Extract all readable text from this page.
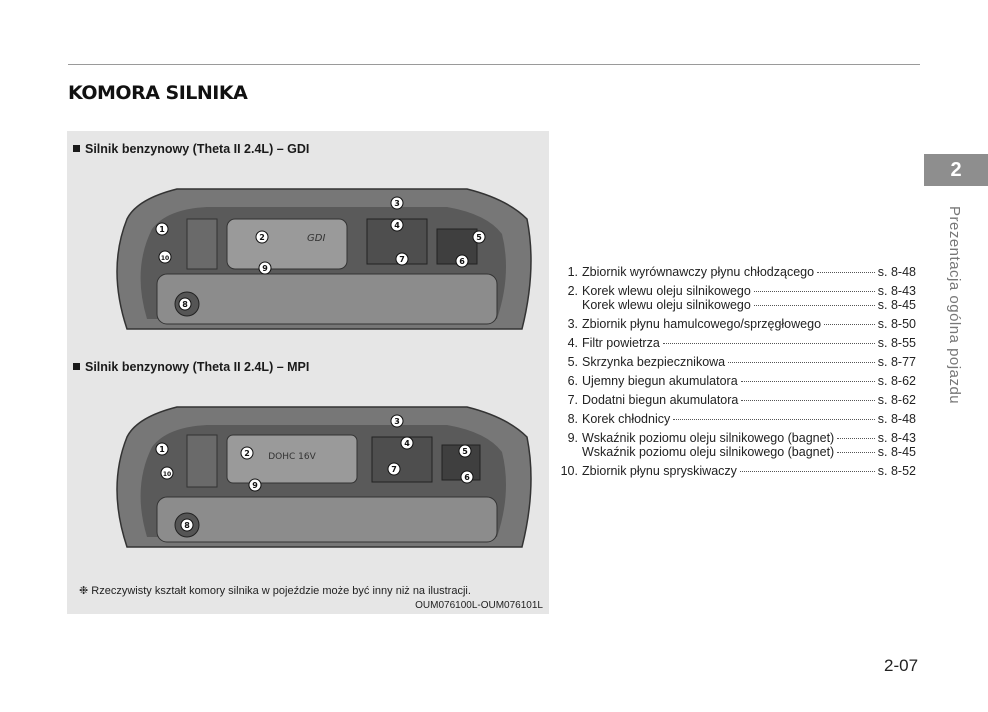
KOMORA SILNIKA
Silnik benzynowy (Theta II 2.4L) – GDI
GDI
1
2
3
4
5
6
7
8
9
10
Silnik benzynowy (Theta II 2.4L) – MPI
DOHC 16V
1	2
3
4
5
6
7
8
9
10
❉ Rzeczywisty kształt komory silnika w pojeździe może być inny niż na ilustracji.
OUM076100L-OUM076101L
1. Zbiornik wyrównawczy płynu chłodzącego	s. 8-48
2. Korek wlewu oleju silnikowego	s. 8-43
Korek wlewu oleju silnikowego	s. 8-45
3. Zbiornik płynu hamulcowego/sprzęgłowego	s. 8-50
4. Filtr powietrza	s. 8-55
5. Skrzynka bezpiecznikowa	s. 8-77
6. Ujemny biegun akumulatora	s. 8-62
7. Dodatni biegun akumulatora	s. 8-62
8. Korek chłodnicy	s. 8-48
9. Wskaźnik poziomu oleju silnikowego (bagnet)	s. 8-43
Wskaźnik poziomu oleju silnikowego (bagnet)	s. 8-45
10. Zbiornik płynu spryskiwaczy	s. 8-52
2
Prezentacja ogólna pojazdu
2-07
